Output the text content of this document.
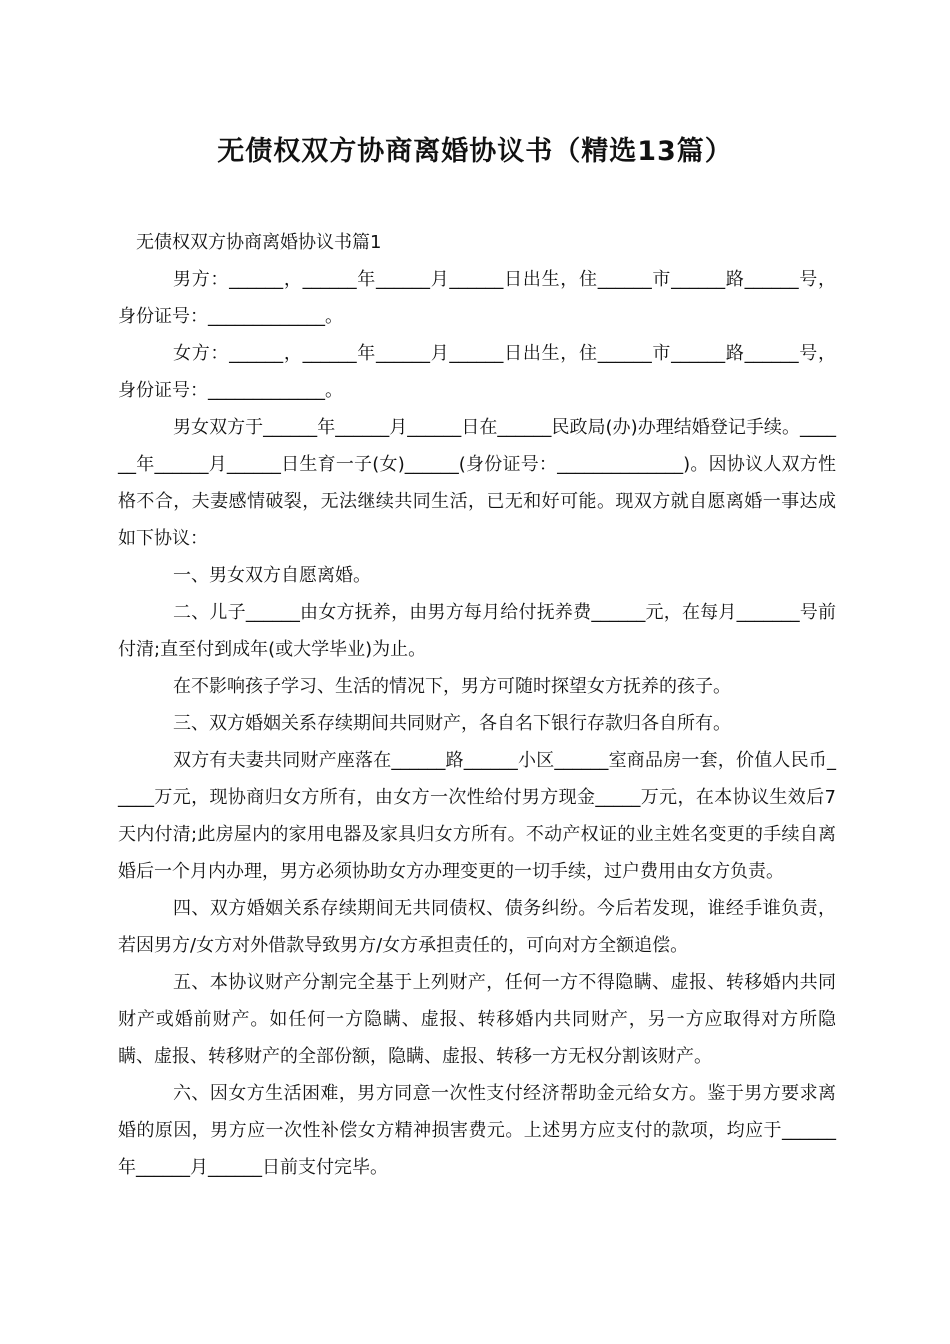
无债权双方协商离婚协议书（精选13篇）

无债权双方协商离婚协议书篇1

男方：______，______年______月______日出生，住______市______路______号，身份证号：_____________。

女方：______，______年______月______日出生，住______市______路______号，身份证号：_____________。

男女双方于______年______月______日在______民政局(办)办理结婚登记手续。______年______月______日生育一子(女)______(身份证号：______________)。因协议人双方性格不合，夫妻感情破裂，无法继续共同生活，已无和好可能。现双方就自愿离婚一事达成如下协议：

一、男女双方自愿离婚。

二、儿子______由女方抚养，由男方每月给付抚养费______元，在每月_______号前付清;直至付到成年(或大学毕业)为止。

在不影响孩子学习、生活的情况下，男方可随时探望女方抚养的孩子。

三、双方婚姻关系存续期间共同财产，各自名下银行存款归各自所有。

双方有夫妻共同财产座落在______路______小区______室商品房一套，价值人民币_____万元，现协商归女方所有，由女方一次性给付男方现金_____万元，在本协议生效后7天内付清;此房屋内的家用电器及家具归女方所有。不动产权证的业主姓名变更的手续自离婚后一个月内办理，男方必须协助女方办理变更的一切手续，过户费用由女方负责。

四、双方婚姻关系存续期间无共同债权、债务纠纷。今后若发现，谁经手谁负责，若因男方/女方对外借款导致男方/女方承担责任的，可向对方全额追偿。

五、本协议财产分割完全基于上列财产，任何一方不得隐瞒、虚报、转移婚内共同财产或婚前财产。如任何一方隐瞒、虚报、转移婚内共同财产，另一方应取得对方所隐瞒、虚报、转移财产的全部份额，隐瞒、虚报、转移一方无权分割该财产。

六、因女方生活困难，男方同意一次性支付经济帮助金元给女方。鉴于男方要求离婚的原因，男方应一次性补偿女方精神损害费元。上述男方应支付的款项，均应于______年______月______日前支付完毕。
